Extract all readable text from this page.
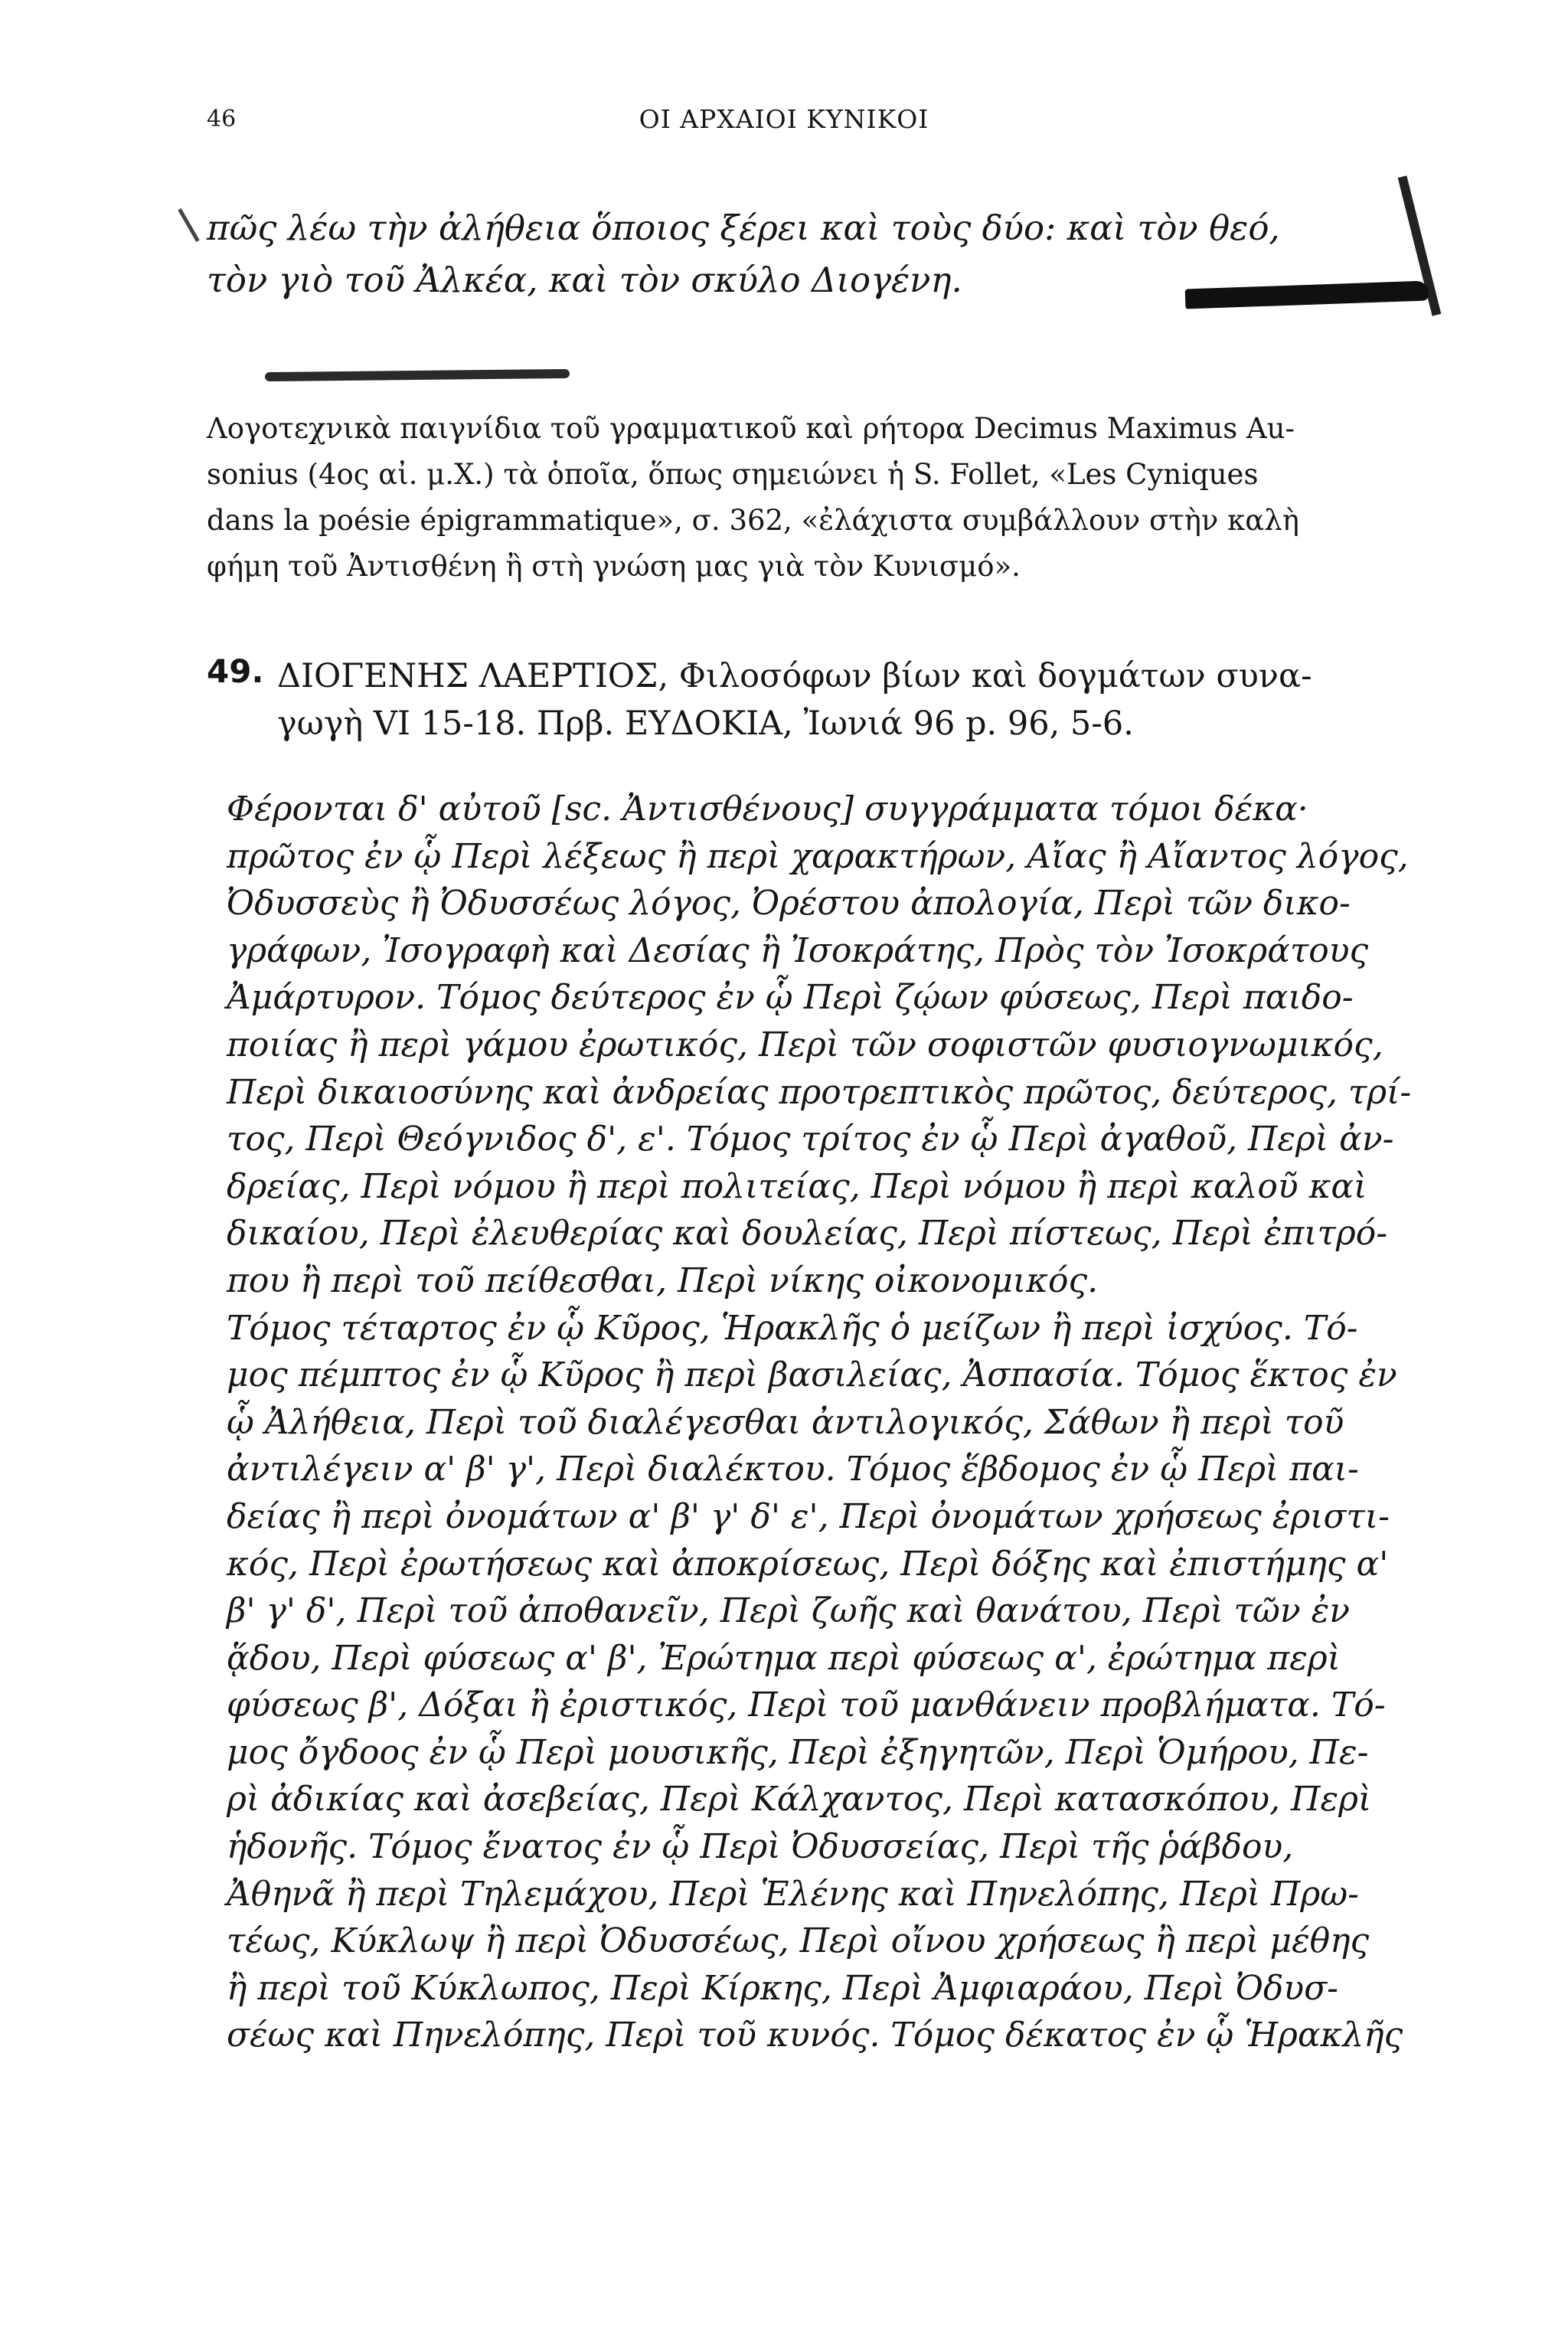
46	ΟΙ ΑΡΧΑΙΟΙ ΚΥΝΙΚΟΙ
πῶς λέω τὴν ἀλήθεια ὅποιος ξέρει καὶ τοὺς δύο: καὶ τὸν θεό,
τὸν γιὸ τοῦ Ἀλκέα, καὶ τὸν σκύλο Διογένη.
Λογοτεχνικὰ παιγνίδια τοῦ γραμματικοῦ καὶ ρήτορα Decimus Maximus Au-
sonius (4ος αἰ. μ.Χ.) τὰ ὁποῖα, ὅπως σημειώνει ἡ S. Follet, «Les Cyniques
dans la poésie épigrammatique», σ. 362, «ἐλάχιστα συμβάλλουν στὴν καλὴ
φήμη τοῦ Ἀντισθένη ἢ στὴ γνώση μας γιὰ τὸν Κυνισμό».
49. ΔΙΟΓΕΝΗΣ ΛΑΕΡΤΙΟΣ, Φιλοσόφων βίων καὶ δογμάτων συνα-
γωγὴ VI 15-18. Πρβ. ΕΥΔΟΚΙΑ, Ἰωνιά 96 p. 96, 5-6.
Φέρονται δ' αὐτοῦ [sc. Ἀντισθένους] συγγράμματα τόμοι δέκα·
πρῶτος ἐν ᾧ Περὶ λέξεως ἢ περὶ χαρακτήρων, Αἴας ἢ Αἴαντος λόγος,
Ὀδυσσεὺς ἢ Ὀδυσσέως λόγος, Ὀρέστου ἀπολογία, Περὶ τῶν δικο-
γράφων, Ἰσογραφὴ καὶ Δεσίας ἢ Ἰσοκράτης, Πρὸς τὸν Ἰσοκράτους
Ἀμάρτυρον. Τόμος δεύτερος ἐν ᾧ Περὶ ζῴων φύσεως, Περὶ παιδο-
ποιίας ἢ περὶ γάμου ἐρωτικός, Περὶ τῶν σοφιστῶν φυσιογνωμικός,
Περὶ δικαιοσύνης καὶ ἀνδρείας προτρεπτικὸς πρῶτος, δεύτερος, τρί-
τος, Περὶ Θεόγνιδος δ', ε'. Τόμος τρίτος ἐν ᾧ Περὶ ἀγαθοῦ, Περὶ ἀν-
δρείας, Περὶ νόμου ἢ περὶ πολιτείας, Περὶ νόμου ἢ περὶ καλοῦ καὶ
δικαίου, Περὶ ἐλευθερίας καὶ δουλείας, Περὶ πίστεως, Περὶ ἐπιτρό-
που ἢ περὶ τοῦ πείθεσθαι, Περὶ νίκης οἰκονομικός.
Τόμος τέταρτος ἐν ᾧ Κῦρος, Ἡρακλῆς ὁ μείζων ἢ περὶ ἰσχύος. Τό-
μος πέμπτος ἐν ᾧ Κῦρος ἢ περὶ βασιλείας, Ἀσπασία. Τόμος ἕκτος ἐν
ᾧ Ἀλήθεια, Περὶ τοῦ διαλέγεσθαι ἀντιλογικός, Σάθων ἢ περὶ τοῦ
ἀντιλέγειν α' β' γ', Περὶ διαλέκτου. Τόμος ἕβδομος ἐν ᾧ Περὶ παι-
δείας ἢ περὶ ὀνομάτων α' β' γ' δ' ε', Περὶ ὀνομάτων χρήσεως ἐριστι-
κός, Περὶ ἐρωτήσεως καὶ ἀποκρίσεως, Περὶ δόξης καὶ ἐπιστήμης α'
β' γ' δ', Περὶ τοῦ ἀποθανεῖν, Περὶ ζωῆς καὶ θανάτου, Περὶ τῶν ἐν
ᾅδου, Περὶ φύσεως α' β', Ἐρώτημα περὶ φύσεως α', ἐρώτημα περὶ
φύσεως β', Δόξαι ἢ ἐριστικός, Περὶ τοῦ μανθάνειν προβλήματα. Τό-
μος ὄγδοος ἐν ᾧ Περὶ μουσικῆς, Περὶ ἐξηγητῶν, Περὶ Ὁμήρου, Πε-
ρὶ ἀδικίας καὶ ἀσεβείας, Περὶ Κάλχαντος, Περὶ κατασκόπου, Περὶ
ἡδονῆς. Τόμος ἔνατος ἐν ᾧ Περὶ Ὀδυσσείας, Περὶ τῆς ῥάβδου,
Ἀθηνᾶ ἢ περὶ Τηλεμάχου, Περὶ Ἑλένης καὶ Πηνελόπης, Περὶ Πρω-
τέως, Κύκλωψ ἢ περὶ Ὀδυσσέως, Περὶ οἴνου χρήσεως ἢ περὶ μέθης
ἢ περὶ τοῦ Κύκλωπος, Περὶ Κίρκης, Περὶ Ἀμφιαράου, Περὶ Ὀδυσ-
σέως καὶ Πηνελόπης, Περὶ τοῦ κυνός. Τόμος δέκατος ἐν ᾧ Ἡρακλῆς
